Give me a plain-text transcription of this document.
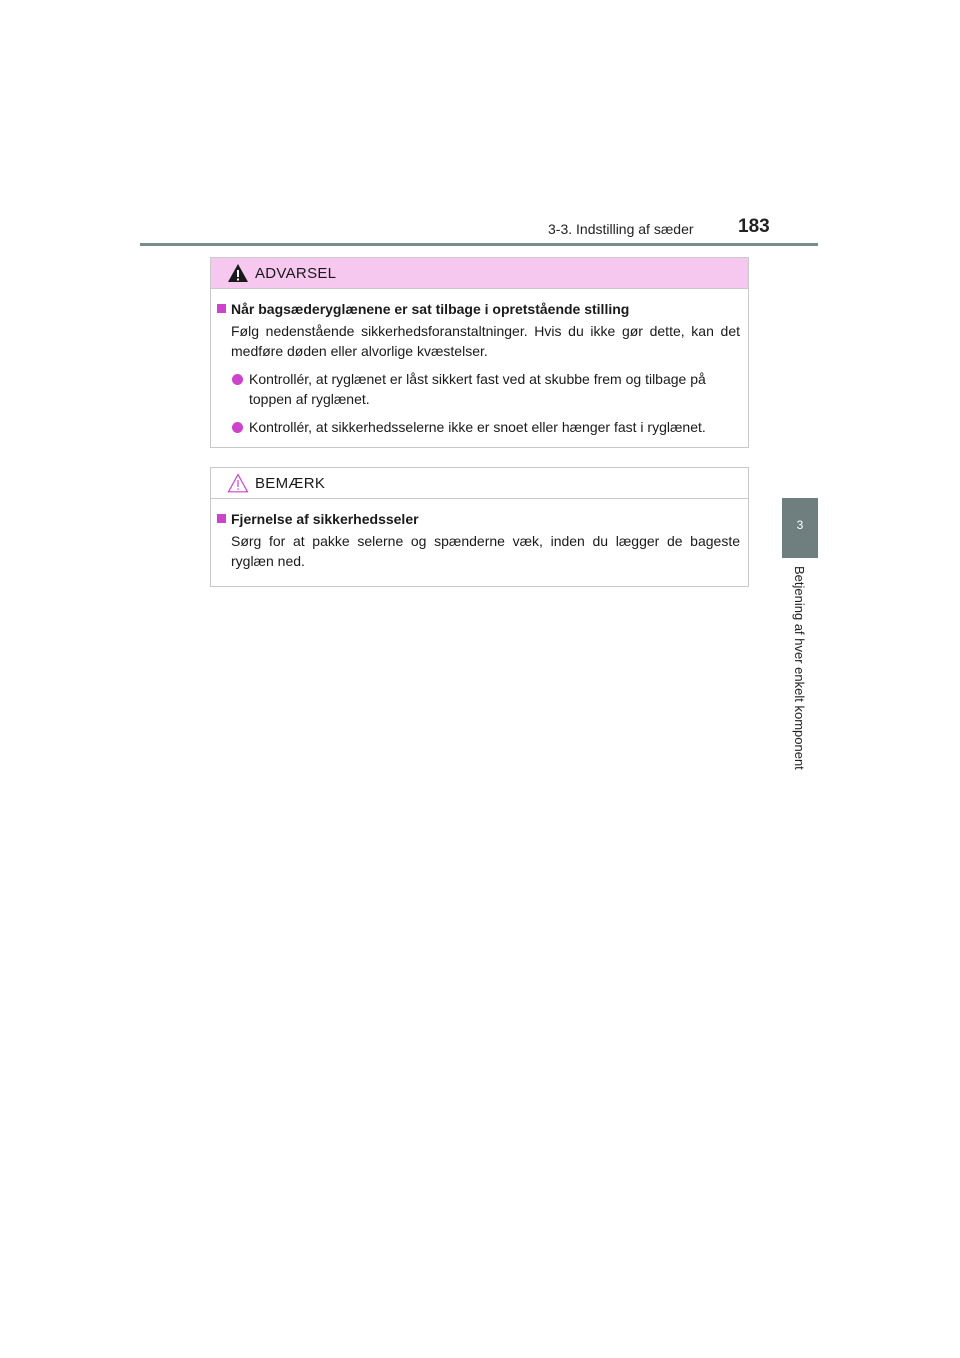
3-3. Indstilling af sæder 183
3
Betjening af hver enkelt komponent
ADVARSEL
Når bagsæderyglænene er sat tilbage i opretstående stilling
Følg nedenstående sikkerhedsforanstaltninger. Hvis du ikke gør dette, kan det medføre døden eller alvorlige kvæstelser.
Kontrollér, at ryglænet er låst sikkert fast ved at skubbe frem og tilbage på toppen af ryglænet.
Kontrollér, at sikkerhedsselerne ikke er snoet eller hænger fast i ryglænet.
BEMÆRK
Fjernelse af sikkerhedsseler
Sørg for at pakke selerne og spænderne væk, inden du lægger de bageste ryglæn ned.
